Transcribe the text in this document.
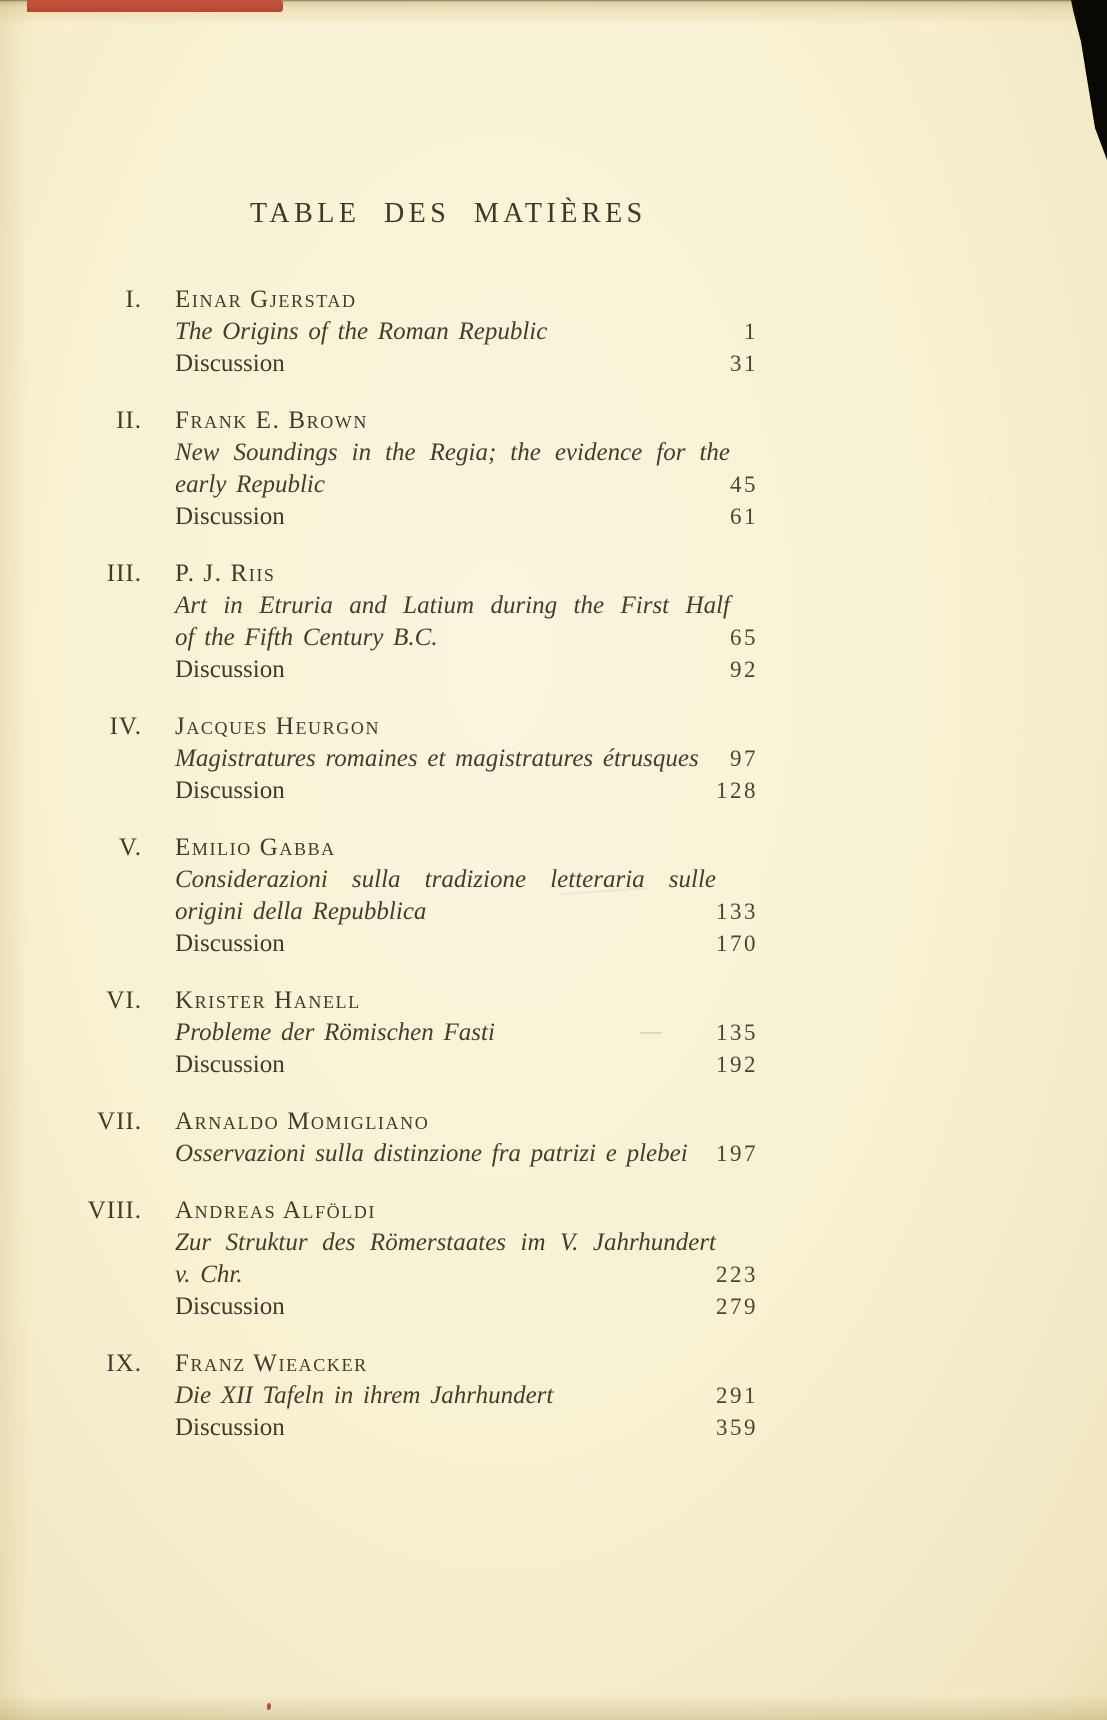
TABLE DES MATIÈRES
I. Einar Gjerstad
The Origins of the Roman Republic	1
Discussion	31
II. Frank E. Brown
New Soundings in the Regia; the evidence for the
early Republic	45
Discussion	61
III. P. J. Riis
Art in Etruria and Latium during the First Half
of the Fifth Century B.C.	65
Discussion	92
IV. Jacques Heurgon
Magistratures romaines et magistratures étrusques	97
Discussion	128
V. Emilio Gabba
Considerazioni sulla tradizione letteraria sulle
origini della Repubblica	133
Discussion	170
VI. Krister Hanell
Probleme der Römischen Fasti	135
Discussion	192
VII. Arnaldo Momigliano
Osservazioni sulla distinzione fra patrizi e plebei	197
VIII. Andreas Alföldi
Zur Struktur des Römerstaates im V. Jahrhundert
v. Chr.	223
Discussion	279
IX. Franz Wieacker
Die XII Tafeln in ihrem Jahrhundert	291
Discussion	359
